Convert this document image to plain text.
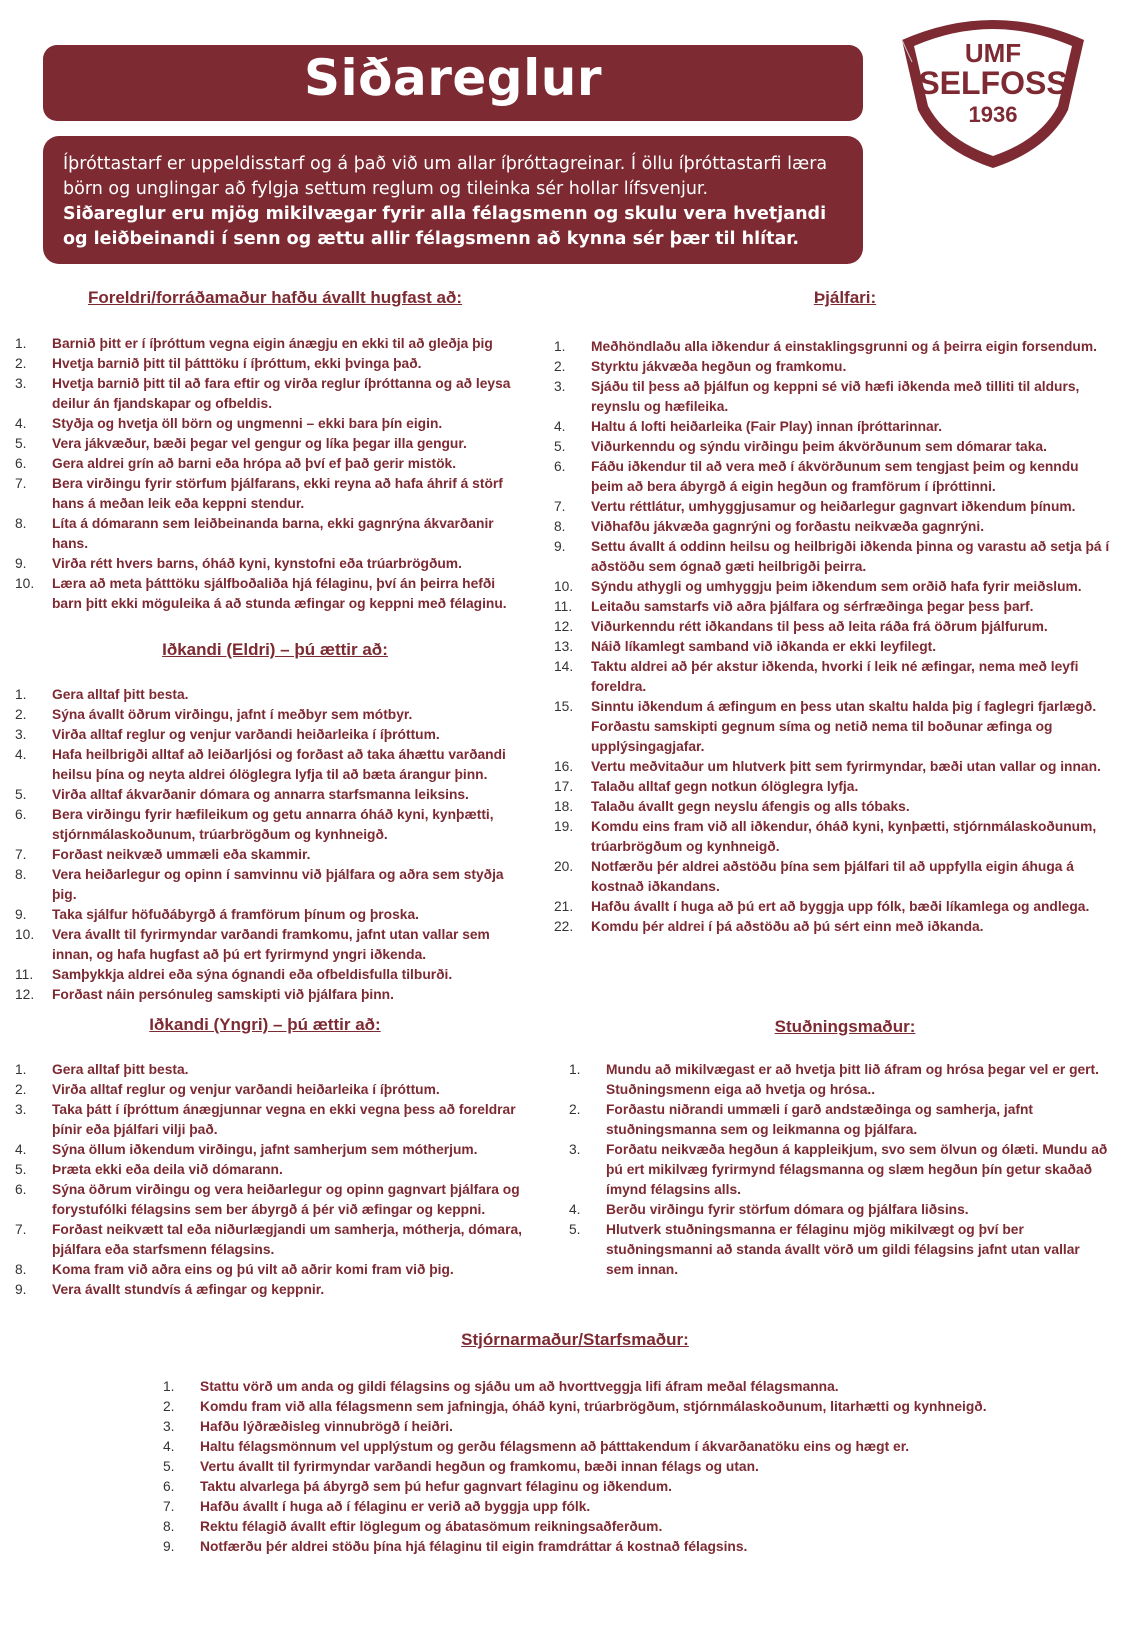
Siðareglur
Íþróttastarf er uppeldisstarf og á það við um allar íþróttagreinar. Í öllu íþróttastarfi læra börn og unglingar að fylgja settum reglum og tileinka sér hollar lífsvenjur.
Siðareglur eru mjög mikilvægar fyrir alla félagsmenn og skulu vera hvetjandi og leiðbeinandi í senn og ættu allir félagsmenn að kynna sér þær til hlítar.
UMF
SELFOSS
1936
Foreldri/forráðamaður hafðu ávallt hugfast að:
1. Barnið þitt er í íþróttum vegna eigin ánægju en ekki til að gleðja þig
2. Hvetja barnið þitt til þátttöku í íþróttum, ekki þvinga það.
3. Hvetja barnið þitt til að fara eftir og virða reglur íþróttanna og að leysa deilur án fjandskapar og ofbeldis.
4. Styðja og hvetja öll börn og ungmenni – ekki bara þín eigin.
5. Vera jákvæður, bæði þegar vel gengur og líka þegar illa gengur.
6. Gera aldrei grín að barni eða hrópa að því ef það gerir mistök.
7. Bera virðingu fyrir störfum þjálfarans, ekki reyna að hafa áhrif á störf hans á meðan leik eða keppni stendur.
8. Líta á dómarann sem leiðbeinanda barna, ekki gagnrýna ákvarðanir hans.
9. Virða rétt hvers barns, óháð kyni, kynstofni eða trúarbrögðum.
10. Læra að meta þátttöku sjálfboðaliða hjá félaginu, því án þeirra hefði barn þitt ekki möguleika á að stunda æfingar og keppni með félaginu.
Iðkandi (Eldri) – þú ættir að:
1. Gera alltaf þitt besta.
2. Sýna ávallt öðrum virðingu, jafnt í meðbyr sem mótbyr.
3. Virða alltaf reglur og venjur varðandi heiðarleika í íþróttum.
4. Hafa heilbrigði alltaf að leiðarljósi og forðast að taka áhættu varðandi heilsu þína og neyta aldrei ólöglegra lyfja til að bæta árangur þinn.
5. Virða alltaf ákvarðanir dómara og annarra starfsmanna leiksins.
6. Bera virðingu fyrir hæfileikum og getu annarra óháð kyni, kynþætti, stjórnmálaskoðunum, trúarbrögðum og kynhneigð.
7. Forðast neikvæð ummæli eða skammir.
8. Vera heiðarlegur og opinn í samvinnu við þjálfara og aðra sem styðja þig.
9. Taka sjálfur höfuðábyrgð á framförum þínum og þroska.
10. Vera ávallt til fyrirmyndar varðandi framkomu, jafnt utan vallar sem innan, og hafa hugfast að þú ert fyrirmynd yngri iðkenda.
11. Samþykkja aldrei eða sýna ógnandi eða ofbeldisfulla tilburði.
12. Forðast náin persónuleg samskipti við þjálfara þinn.
Iðkandi (Yngri) – þú ættir að:
1. Gera alltaf þitt besta.
2. Virða alltaf reglur og venjur varðandi heiðarleika í íþróttum.
3. Taka þátt í íþróttum ánægjunnar vegna en ekki vegna þess að foreldrar þínir eða þjálfari vilji það.
4. Sýna öllum iðkendum virðingu, jafnt samherjum sem mótherjum.
5. Þræta ekki eða deila við dómarann.
6. Sýna öðrum virðingu og vera heiðarlegur og opinn gagnvart þjálfara og forystufólki félagsins sem ber ábyrgð á þér við æfingar og keppni.
7. Forðast neikvætt tal eða niðurlægjandi um samherja, mótherja, dómara, þjálfara eða starfsmenn félagsins.
8. Koma fram við aðra eins og þú vilt að aðrir komi fram við þig.
9. Vera ávallt stundvís á æfingar og keppnir.
Þjálfari:
1. Meðhöndlaðu alla iðkendur á einstaklingsgrunni og á þeirra eigin forsendum.
2. Styrktu jákvæða hegðun og framkomu.
3. Sjáðu til þess að þjálfun og keppni sé við hæfi iðkenda með tilliti til aldurs, reynslu og hæfileika.
4. Haltu á lofti heiðarleika (Fair Play) innan íþróttarinnar.
5. Viðurkenndu og sýndu virðingu þeim ákvörðunum sem dómarar taka.
6. Fáðu iðkendur til að vera með í ákvörðunum sem tengjast þeim og kenndu þeim að bera ábyrgð á eigin hegðun og framförum í íþróttinni.
7. Vertu réttlátur, umhyggjusamur og heiðarlegur gagnvart iðkendum þínum.
8. Viðhafðu jákvæða gagnrýni og forðastu neikvæða gagnrýni.
9. Settu ávallt á oddinn heilsu og heilbrigði iðkenda þinna og varastu að setja þá í aðstöðu sem ógnað gæti heilbrigði þeirra.
10. Sýndu athygli og umhyggju þeim iðkendum sem orðið hafa fyrir meiðslum.
11. Leitaðu samstarfs við aðra þjálfara og sérfræðinga þegar þess þarf.
12. Viðurkenndu rétt iðkandans til þess að leita ráða frá öðrum þjálfurum.
13. Náið líkamlegt samband við iðkanda er ekki leyfilegt.
14. Taktu aldrei að þér akstur iðkenda, hvorki í leik né æfingar, nema með leyfi foreldra.
15. Sinntu iðkendum á æfingum en þess utan skaltu halda þig í faglegri fjarlægð. Forðastu samskipti gegnum síma og netið nema til boðunar æfinga og upplýsingagjafar.
16. Vertu meðvitaður um hlutverk þitt sem fyrirmyndar, bæði utan vallar og innan.
17. Talaðu alltaf gegn notkun ólöglegra lyfja.
18. Talaðu ávallt gegn neyslu áfengis og alls tóbaks.
19. Komdu eins fram við all iðkendur, óháð kyni, kynþætti, stjórnmálaskoðunum, trúarbrögðum og kynhneigð.
20. Notfærðu þér aldrei aðstöðu þína sem þjálfari til að uppfylla eigin áhuga á kostnað iðkandans.
21. Hafðu ávallt í huga að þú ert að byggja upp fólk, bæði líkamlega og andlega.
22. Komdu þér aldrei í þá aðstöðu að þú sért einn með iðkanda.
Stuðningsmaður:
1. Mundu að mikilvægast er að hvetja þitt lið áfram og hrósa þegar vel er gert. Stuðningsmenn eiga að hvetja og hrósa..
2. Forðastu niðrandi ummæli í garð andstæðinga og samherja, jafnt stuðningsmanna sem og leikmanna og þjálfara.
3. Forðatu neikvæða hegðun á kappleikjum, svo sem ölvun og ólæti. Mundu að þú ert mikilvæg fyrirmynd félagsmanna og slæm hegðun þín getur skaðað ímynd félagsins alls.
4. Berðu virðingu fyrir störfum dómara og þjálfara liðsins.
5. Hlutverk stuðningsmanna er félaginu mjög mikilvægt og því ber stuðningsmanni að standa ávallt vörð um gildi félagsins jafnt utan vallar sem innan.
Stjórnarmaður/Starfsmaður:
1. Stattu vörð um anda og gildi félagsins og sjáðu um að hvorttveggja lifi áfram meðal félagsmanna.
2. Komdu fram við alla félagsmenn sem jafningja, óháð kyni, trúarbrögðum, stjórnmálaskoðunum, litarhætti og kynhneigð.
3. Hafðu lýðræðisleg vinnubrögð í heiðri.
4. Haltu félagsmönnum vel upplýstum og gerðu félagsmenn að þátttakendum í ákvarðanatöku eins og hægt er.
5. Vertu ávallt til fyrirmyndar varðandi hegðun og framkomu, bæði innan félags og utan.
6. Taktu alvarlega þá ábyrgð sem þú hefur gagnvart félaginu og iðkendum.
7. Hafðu ávallt í huga að í félaginu er verið að byggja upp fólk.
8. Rektu félagið ávallt eftir löglegum og ábatasömum reikningsaðferðum.
9. Notfærðu þér aldrei stöðu þína hjá félaginu til eigin framdráttar á kostnað félagsins.
